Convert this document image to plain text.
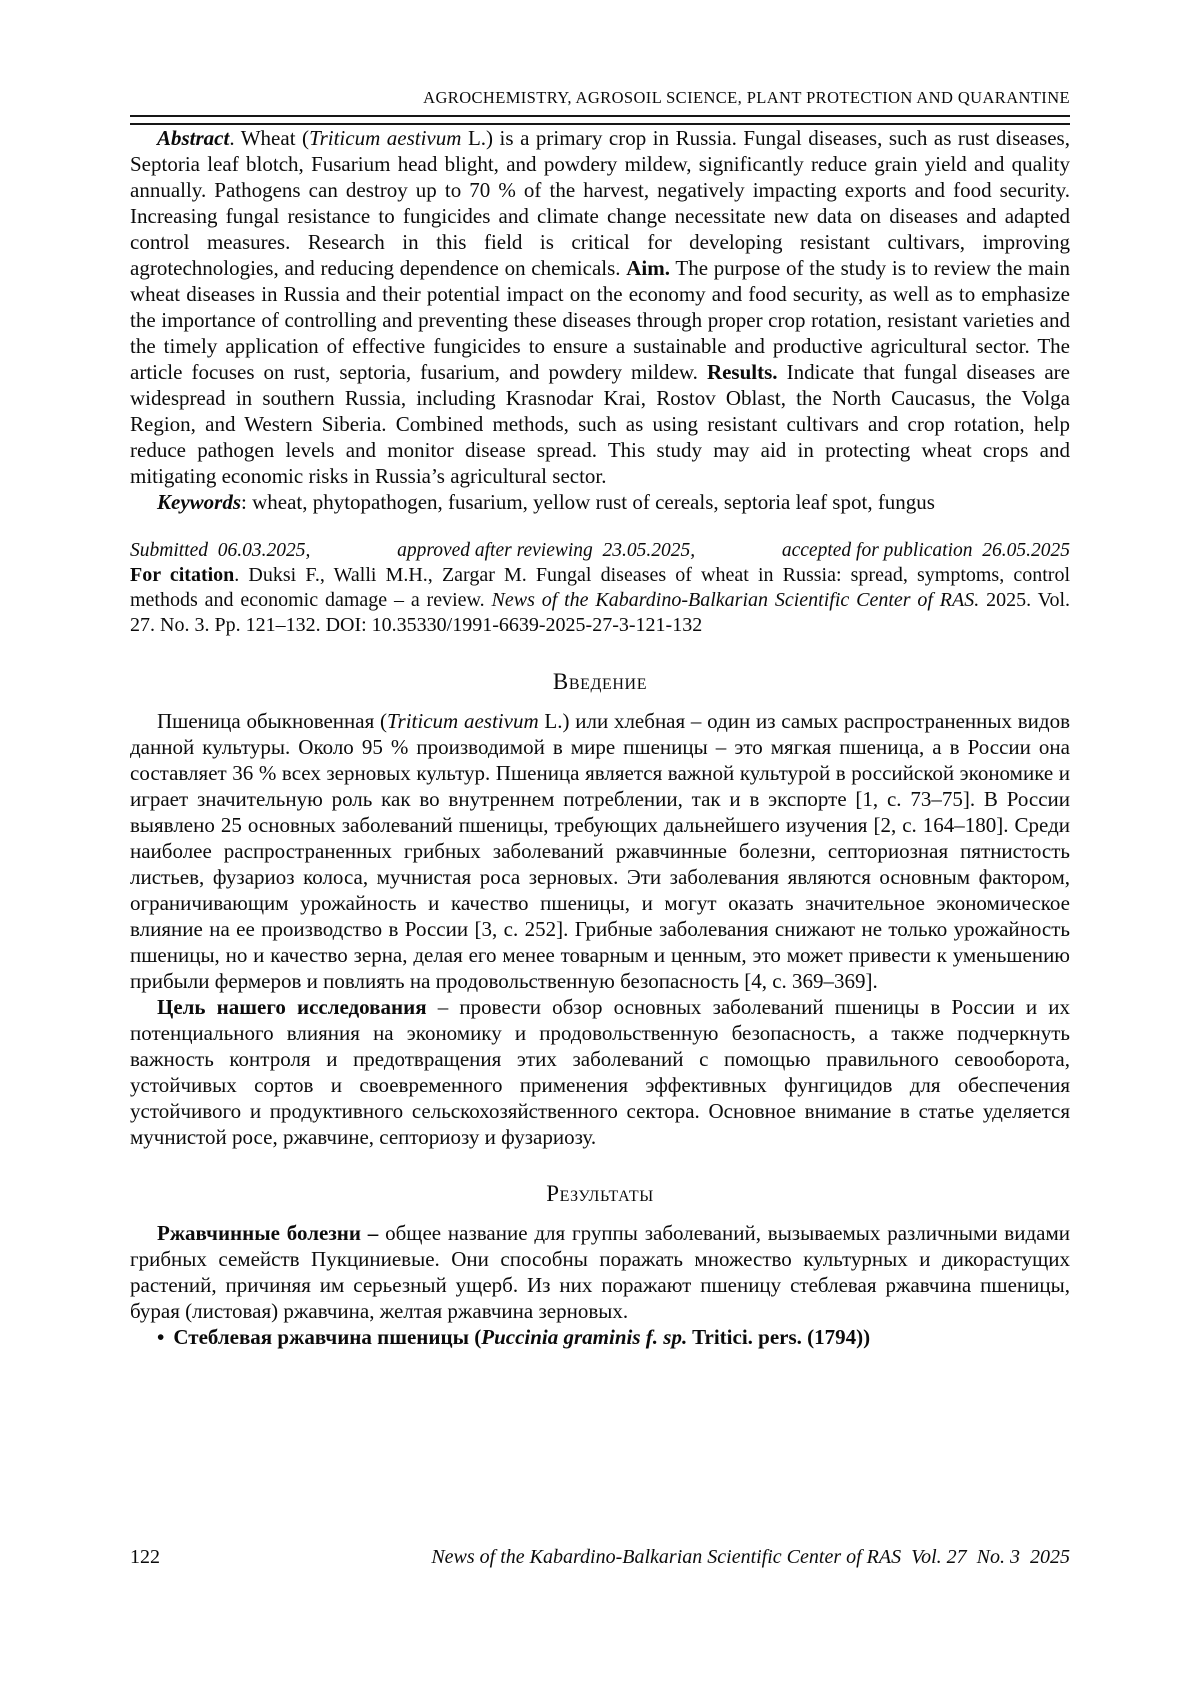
AGROCHEMISTRY, AGROSOIL SCIENCE, PLANT PROTECTION AND QUARANTINE

Abstract. Wheat (Triticum aestivum L.) is a primary crop in Russia. Fungal diseases, such as rust diseases, Septoria leaf blotch, Fusarium head blight, and powdery mildew, significantly reduce grain yield and quality annually. Pathogens can destroy up to 70 % of the harvest, negatively impacting exports and food security. Increasing fungal resistance to fungicides and climate change necessitate new data on diseases and adapted control measures. Research in this field is critical for developing resistant cultivars, improving agrotechnologies, and reducing dependence on chemicals. Aim. The purpose of the study is to review the main wheat diseases in Russia and their potential impact on the economy and food security, as well as to emphasize the importance of controlling and preventing these diseases through proper crop rotation, resistant varieties and the timely application of effective fungicides to ensure a sustainable and productive agricultural sector. The article focuses on rust, septoria, fusarium, and powdery mildew. Results. Indicate that fungal diseases are widespread in southern Russia, including Krasnodar Krai, Rostov Oblast, the North Caucasus, the Volga Region, and Western Siberia. Combined methods, such as using resistant cultivars and crop rotation, help reduce pathogen levels and monitor disease spread. This study may aid in protecting wheat crops and mitigating economic risks in Russia’s agricultural sector.

Keywords: wheat, phytopathogen, fusarium, yellow rust of cereals, septoria leaf spot, fungus

Submitted  06.03.2025,	approved after reviewing  23.05.2025,	accepted for publication  26.05.2025

For citation. Duksi F., Walli M.H., Zargar M. Fungal diseases of wheat in Russia: spread, symptoms, control methods and economic damage – a review. News of the Kabardino-Balkarian Scientific Center of RAS. 2025. Vol. 27. No. 3. Pp. 121–132. DOI: 10.35330/1991-6639-2025-27-3-121-132

Введение

Пшеница обыкновенная (Triticum aestivum L.) или хлебная – один из самых распространенных видов данной культуры. Около 95 % производимой в мире пшеницы – это мягкая пшеница, а в России она составляет 36 % всех зерновых культур. Пшеница является важной культурой в российской экономике и играет значительную роль как во внутреннем потреблении, так и в экспорте [1, с. 73–75]. В России выявлено 25 основных заболеваний пшеницы, требующих дальнейшего изучения [2, с. 164–180]. Среди наиболее распространенных грибных заболеваний ржавчинные болезни, септориозная пятнистость листьев, фузариоз колоса, мучнистая роса зерновых. Эти заболевания являются основным фактором, ограничивающим урожайность и качество пшеницы, и могут оказать значительное экономическое влияние на ее производство в России [3, с. 252]. Грибные заболевания снижают не только урожайность пшеницы, но и качество зерна, делая его менее товарным и ценным, это может привести к уменьшению прибыли фермеров и повлиять на продовольственную безопасность [4, с. 369–369].

Цель нашего исследования – провести обзор основных заболеваний пшеницы в России и их потенциального влияния на экономику и продовольственную безопасность, а также подчеркнуть важность контроля и предотвращения этих заболеваний с помощью правильного севооборота, устойчивых сортов и своевременного применения эффективных фунгицидов для обеспечения устойчивого и продуктивного сельскохозяйственного сектора. Основное внимание в статье уделяется мучнистой росе, ржавчине, септориозу и фузариозу.

Результаты

Ржавчинные болезни – общее название для группы заболеваний, вызываемых различными видами грибных семейств Пукциниевые. Они способны поражать множество культурных и дикорастущих растений, причиняя им серьезный ущерб. Из них поражают пшеницу стеблевая ржавчина пшеницы, бурая (листовая) ржавчина, желтая ржавчина зерновых.

• Стеблевая ржавчина пшеницы (Puccinia graminis f. sp. Tritici. pers. (1794))

122	News of the Kabardino-Balkarian Scientific Center of RAS  Vol. 27  No. 3  2025
